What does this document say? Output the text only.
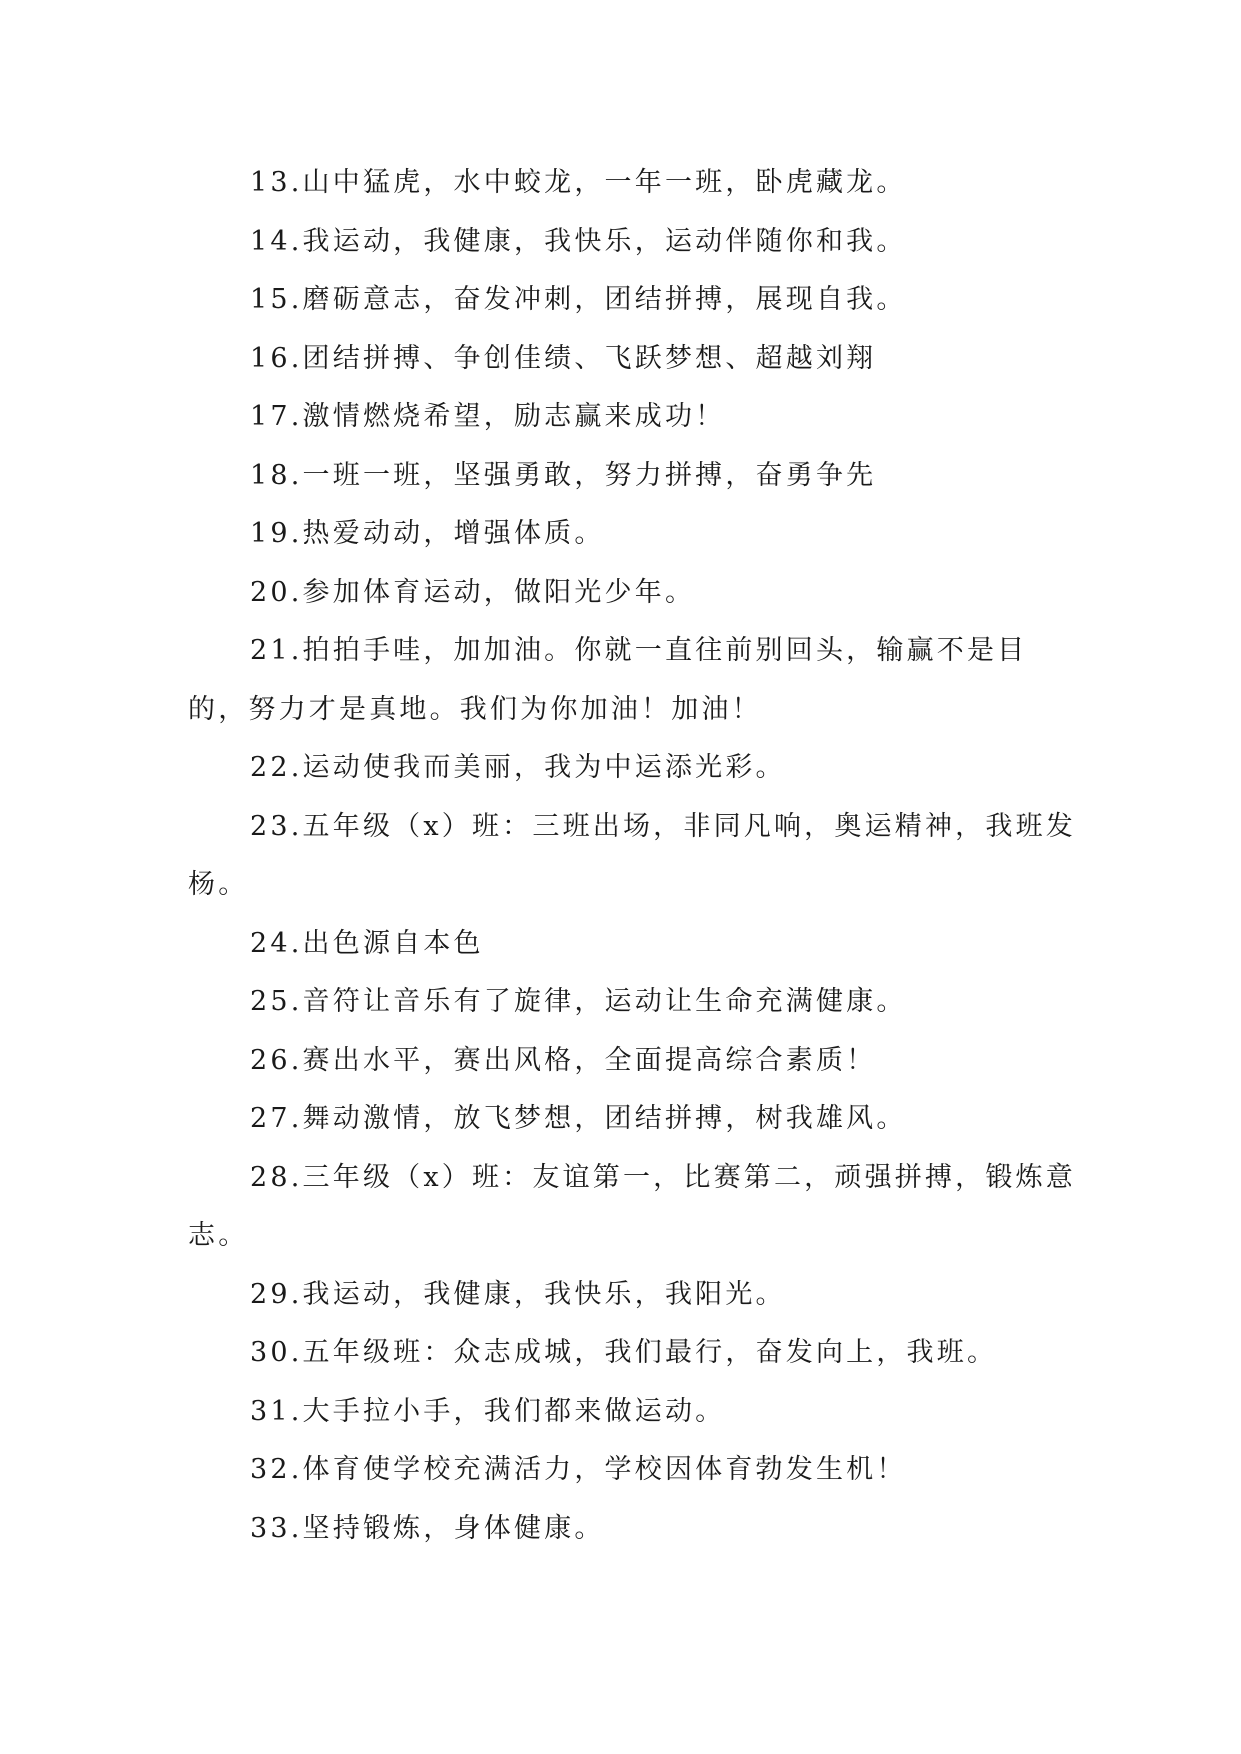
13.山中猛虎，水中蛟龙，一年一班，卧虎藏龙。

14.我运动，我健康，我快乐，运动伴随你和我。

15.磨砺意志，奋发冲刺，团结拼搏，展现自我。

16.团结拼搏、争创佳绩、飞跃梦想、超越刘翔

17.激情燃烧希望，励志赢来成功！

18.一班一班，坚强勇敢，努力拼搏，奋勇争先

19.热爱动动，增强体质。

20.参加体育运动，做阳光少年。

21.拍拍手哇，加加油。你就一直往前别回头，输赢不是目的，努力才是真地。我们为你加油！加油！

22.运动使我而美丽，我为中运添光彩。

23.五年级（x）班：三班出场，非同凡响，奥运精神，我班发杨。

24.出色源自本色

25.音符让音乐有了旋律，运动让生命充满健康。

26.赛出水平，赛出风格，全面提高综合素质！

27.舞动激情，放飞梦想，团结拼搏，树我雄风。

28.三年级（x）班：友谊第一，比赛第二，顽强拼搏，锻炼意志。

29.我运动，我健康，我快乐，我阳光。

30.五年级班：众志成城，我们最行，奋发向上，我班。

31.大手拉小手，我们都来做运动。

32.体育使学校充满活力，学校因体育勃发生机！

33.坚持锻炼，身体健康。
